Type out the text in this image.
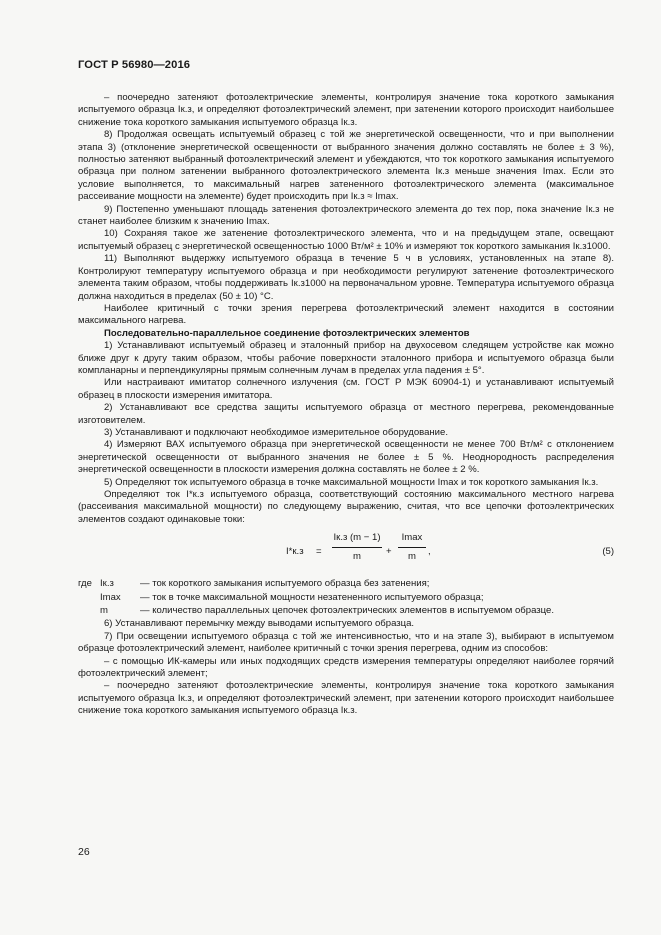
ГОСТ Р 56980—2016

– поочередно затеняют фотоэлектрические элементы, контролируя значение тока короткого замыкания испытуемого образца Iк.з, и определяют фотоэлектрический элемент, при затенении которого происходит наибольшее снижение тока короткого замыкания испытуемого образца Iк.з.

8) Продолжая освещать испытуемый образец с той же энергетической освещенности, что и при выполнении этапа 3) (отклонение энергетической освещенности от выбранного значения должно составлять не более ± 3 %), полностью затеняют выбранный фотоэлектрический элемент и убеждаются, что ток короткого замыкания испытуемого образца при полном затенении выбранного фотоэлектрического элемента Iк.з меньше значения Imax. Если это условие выполняется, то максимальный нагрев затененного фотоэлектрического элемента (максимальное рассеивание мощности на элементе) будет происходить при Iк.з ≈ Imax.

9) Постепенно уменьшают площадь затенения фотоэлектрического элемента до тех пор, пока значение Iк.з не станет наиболее близким к значению Imax.

10) Сохраняя такое же затенение фотоэлектрического элемента, что и на предыдущем этапе, освещают испытуемый образец с энергетической освещенностью 1000 Вт/м² ± 10% и измеряют ток короткого замыкания Iк.з1000.

11) Выполняют выдержку испытуемого образца в течение 5 ч в условиях, установленных на этапе 8). Контролируют температуру испытуемого образца и при необходимости регулируют затенение фотоэлектрического элемента таким образом, чтобы поддерживать Iк.з1000 на первоначальном уровне. Температура испытуемого образца должна находиться в пределах (50 ± 10) °С.

Наиболее критичный с точки зрения перегрева фотоэлектрический элемент находится в состоянии максимального нагрева.

Последовательно-параллельное соединение фотоэлектрических элементов

1) Устанавливают испытуемый образец и эталонный прибор на двухосевом следящем устройстве как можно ближе друг к другу таким образом, чтобы рабочие поверхности эталонного прибора и испытуемого образца были компланарны и перпендикулярны прямым солнечным лучам в пределах угла падения ± 5°.

Или настраивают имитатор солнечного излучения (см. ГОСТ Р МЭК 60904-1) и устанавливают испытуемый образец в плоскости измерения имитатора.

2) Устанавливают все средства защиты испытуемого образца от местного перегрева, рекомендованные изготовителем.

3) Устанавливают и подключают необходимое измерительное оборудование.

4) Измеряют ВАХ испытуемого образца при энергетической освещенности не менее 700 Вт/м² с отклонением энергетической освещенности от выбранного значения не более ± 5 %. Неоднородность распределения энергетической освещенности в плоскости измерения должна составлять не более ± 2 %.

5) Определяют ток испытуемого образца в точке максимальной мощности Imax и ток короткого замыкания Iк.з.

Определяют ток I*к.з испытуемого образца, соответствующий состоянию максимального местного нагрева (рассеивания максимальной мощности) по следующему выражению, считая, что все цепочки фотоэлектрических элементов создают одинаковые токи:

I*к.з =
Iк.з (m − 1)
m	+
Imax
m	,	(5)
где Iк.з	— ток короткого замыкания испытуемого образца без затенения;
Imax	— ток в точке максимальной мощности незатененного испытуемого образца;
m	— количество параллельных цепочек фотоэлектрических элементов в испытуемом образце.

6) Устанавливают перемычку между выводами испытуемого образца.

7) При освещении испытуемого образца с той же интенсивностью, что и на этапе 3), выбирают в испытуемом образце фотоэлектрический элемент, наиболее критичный с точки зрения перегрева, одним из способов:

– с помощью ИК-камеры или иных подходящих средств измерения температуры определяют наиболее горячий фотоэлектрический элемент;

– поочередно затеняют фотоэлектрические элементы, контролируя значение тока короткого замыкания испытуемого образца Iк.з, и определяют фотоэлектрический элемент, при затенении которого происходит наибольшее снижение тока короткого замыкания испытуемого образца Iк.з.

26
